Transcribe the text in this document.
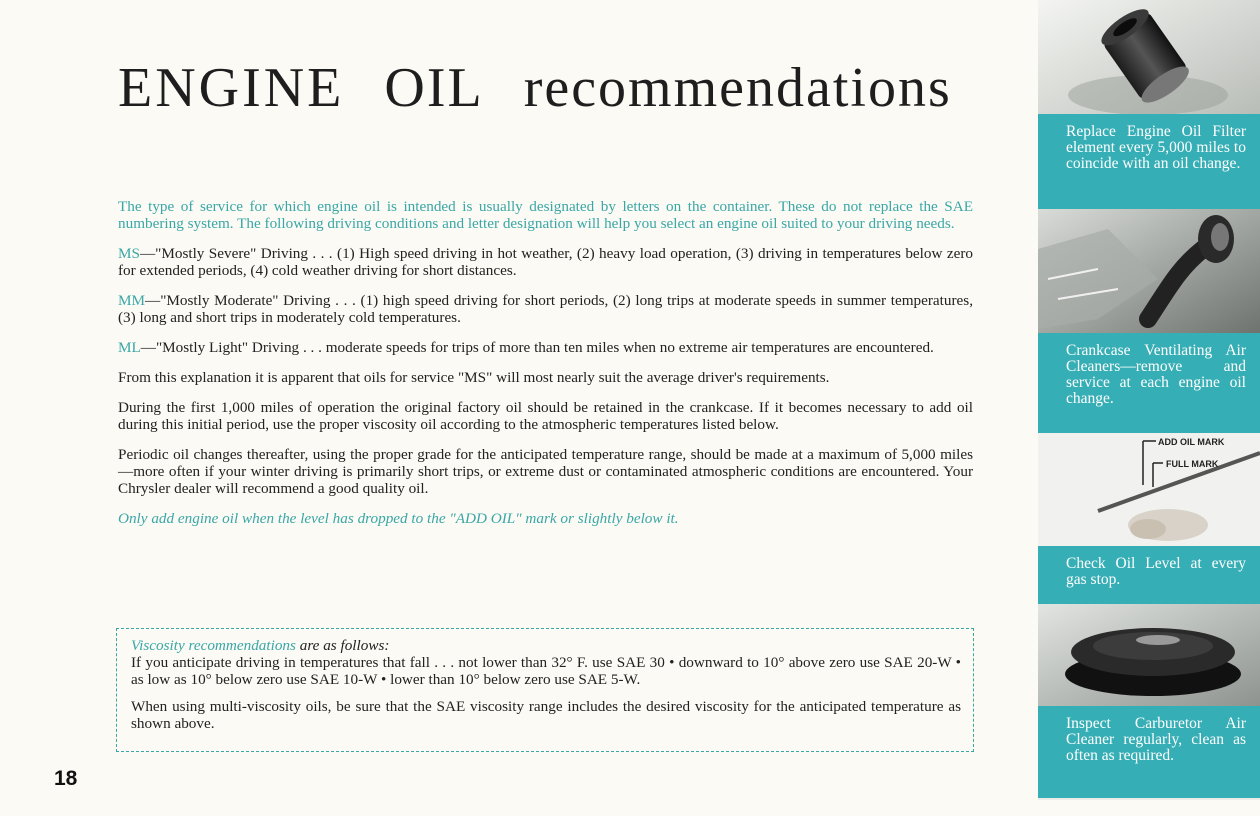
ENGINE OIL recommendations

The type of service for which engine oil is intended is usually designated by letters on the container. These do not replace the SAE numbering system. The following driving conditions and letter designation will help you select an engine oil suited to your driving needs.

MS—"Mostly Severe" Driving . . . (1) High speed driving in hot weather, (2) heavy load operation, (3) driving in temperatures below zero for extended periods, (4) cold weather driving for short distances.

MM—"Mostly Moderate" Driving . . . (1) high speed driving for short periods, (2) long trips at moderate speeds in summer temperatures, (3) long and short trips in moderately cold temperatures.

ML—"Mostly Light" Driving . . . moderate speeds for trips of more than ten miles when no extreme air temperatures are encountered.

From this explanation it is apparent that oils for service "MS" will most nearly suit the average driver's requirements.

During the first 1,000 miles of operation the original factory oil should be retained in the crankcase. If it becomes necessary to add oil during this initial period, use the proper viscosity oil according to the atmospheric temperatures listed below.

Periodic oil changes thereafter, using the proper grade for the anticipated temperature range, should be made at a maximum of 5,000 miles—more often if your winter driving is primarily short trips, or extreme dust or contaminated atmospheric conditions are encountered. Your Chrysler dealer will recommend a good quality oil.

Only add engine oil when the level has dropped to the "ADD OIL" mark or slightly below it.

Viscosity recommendations are as follows:

If you anticipate driving in temperatures that fall . . . not lower than 32° F. use SAE 30 • downward to 10° above zero use SAE 20-W • as low as 10° below zero use SAE 10-W • lower than 10° below zero use SAE 5-W.

When using multi-viscosity oils, be sure that the SAE viscosity range includes the desired viscosity for the anticipated temperature as shown above.

18
Replace Engine Oil Filter element every 5,000 miles to coincide with an oil change.
Crankcase Ventilating Air Cleaners—remove and service at each engine oil change.
ADD OIL MARK
FULL MARK
Check Oil Level at every gas stop.
Inspect Carburetor Air Cleaner regularly, clean as often as required.
